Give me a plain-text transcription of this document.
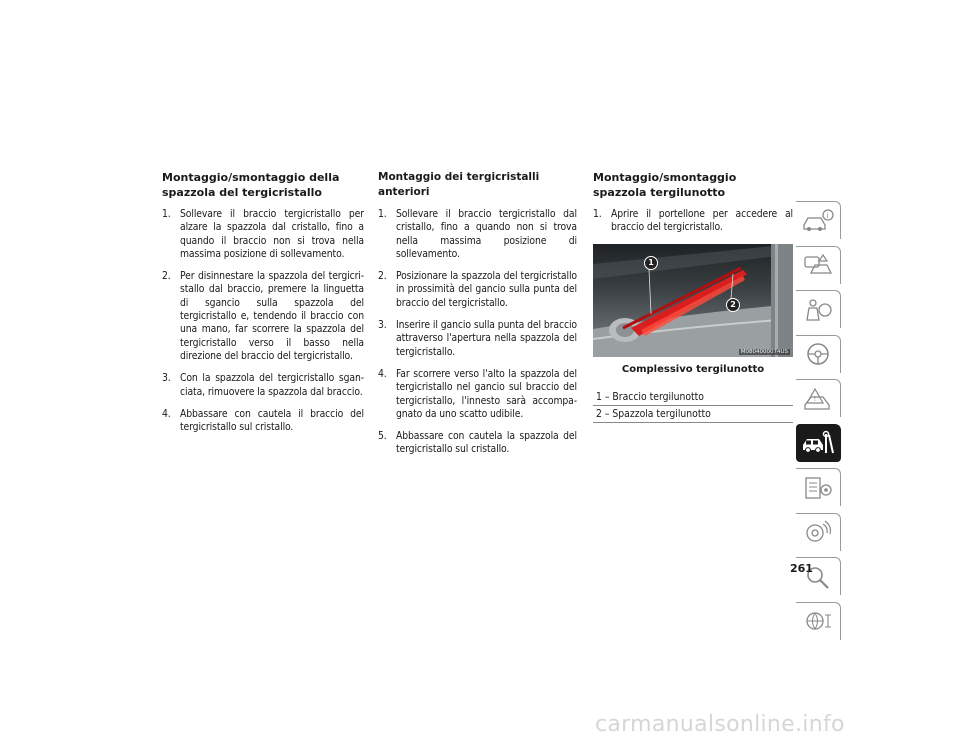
Montaggio/smontaggio della spazzola del tergicristallo
1. Sollevare il braccio tergicristallo per alzare la spazzola dal cristallo, fino a quando il braccio non si trova nella massima posizione di sollevamento.
2. Per disinnestare la spazzola del tergicri-stallo dal braccio, premere la linguetta di sgancio sulla spazzola del tergicristallo e, tendendo il braccio con una mano, far scorrere la spazzola del tergicristallo verso il basso nella direzione del braccio del tergicristallo.
3. Con la spazzola del tergicristallo sgan-ciata, rimuovere la spazzola dal braccio.
4. Abbassare con cautela il braccio del tergicristallo sul cristallo.
Montaggio dei tergicristalli anteriori
1. Sollevare il braccio tergicristallo dal cristallo, fino a quando non si trova nella massima posizione di sollevamento.
2. Posizionare la spazzola del tergicristallo in prossimità del gancio sulla punta del braccio del tergicristallo.
3. Inserire il gancio sulla punta del braccio attraverso l'apertura nella spazzola del tergicristallo.
4. Far scorrere verso l'alto la spazzola del tergicristallo nel gancio sul braccio del tergicristallo, l'innesto sarà accompa-gnato da uno scatto udibile.
5. Abbassare con cautela la spazzola del tergicristallo sul cristallo.
Montaggio/smontaggio spazzola tergilunotto
1. Aprire il portellone per accedere al braccio del tergicristallo.
1
2
M0804000074US
Complessivo tergilunotto
1 – Braccio tergilunotto
2 – Spazzola tergilunotto
i
!
261
carmanualsonline.info
